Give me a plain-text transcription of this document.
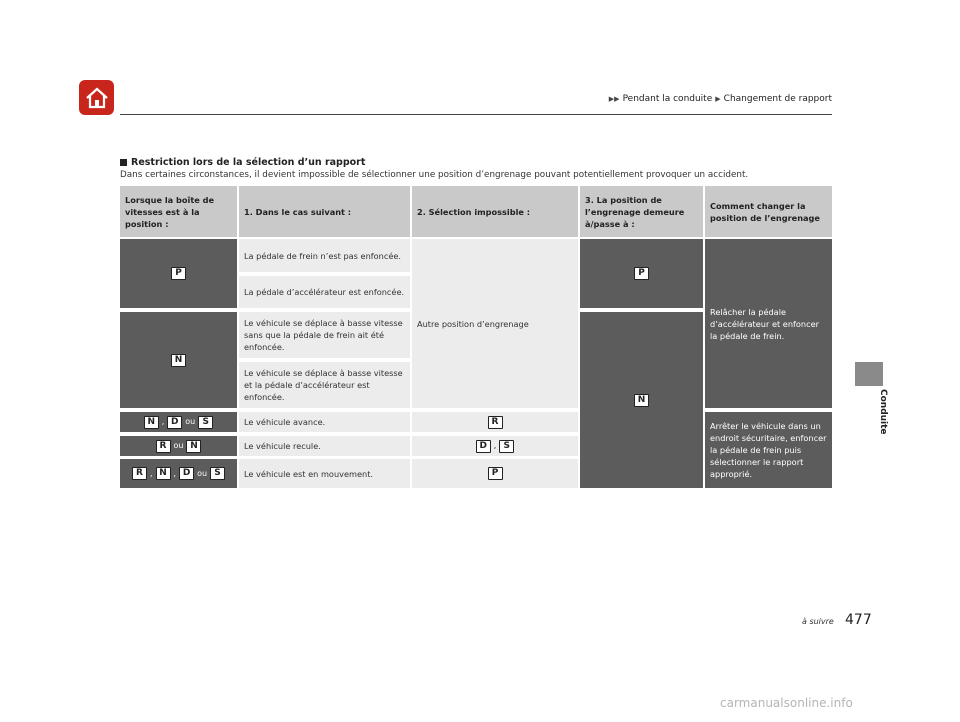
▶▶ Pendant la conduite ▶ Changement de rapport
Conduite
Restriction lors de la sélection d’un rapport
Dans certaines circonstances, il devient impossible de sélectionner une position d’engrenage pouvant potentiellement provoquer un accident.
Lorsque la boîte de vitesses est à la position :
1. Dans le cas suivant :	2. Sélection impossible :
3. La position de l’engrenage demeure à/passe à :
Comment changer la position de l’engrenage
P
N
N , D ou S
R ou N
R , N , D ou S
La pédale de frein n’est pas enfoncée.
La pédale d’accélérateur est enfoncée.
Le véhicule se déplace à basse vitesse sans que la pédale de frein ait été enfoncée.
Le véhicule se déplace à basse vitesse et la pédale d’accélérateur est enfoncée.
Le véhicule avance.
Le véhicule recule.
Le véhicule est en mouvement.
Autre position d’engrenage
R
D , S
P
P
N
Relâcher la pédale d’accélérateur et enfoncer la pédale de frein.
Arrêter le véhicule dans un endroit sécuritaire, enfoncer la pédale de frein puis sélectionner le rapport approprié.
à suivre 477
carmanualsonline.info
